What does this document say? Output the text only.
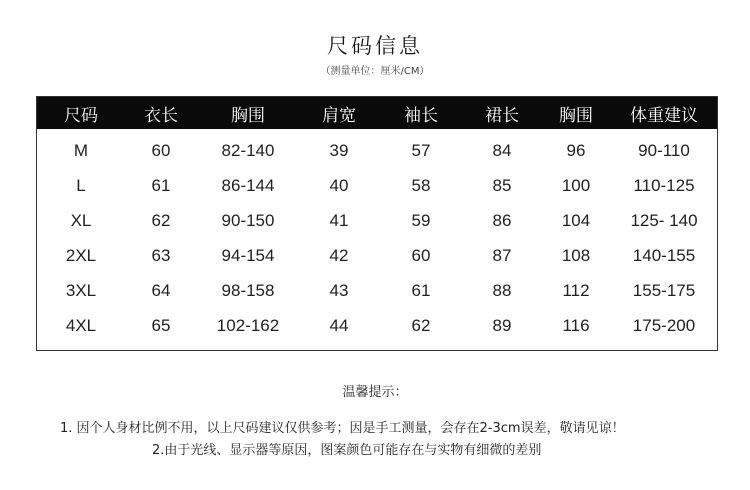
尺码信息
（测量单位：厘米/CM）
尺码	衣长	胸围	肩宽	袖长	裙长	胸围	体重建议
M	60	82-140	39	57	84	96	90-110
L	61	86-144	40	58	85	100	110-125
XL	62	90-150	41	59	86	104	125- 140
2XL	63	94-154	42	60	87	108	140-155
3XL	64	98-158	43	61	88	112	155-175
4XL	65	102-162	44	62	89	116	175-200
温馨提示：
1. 因个人身材比例不用，以上尺码建议仅供参考；因是手工测量，会存在2-3cm误差，敬请见谅！
2.由于光线、显示器等原因，图案颜色可能存在与实物有细微的差别
